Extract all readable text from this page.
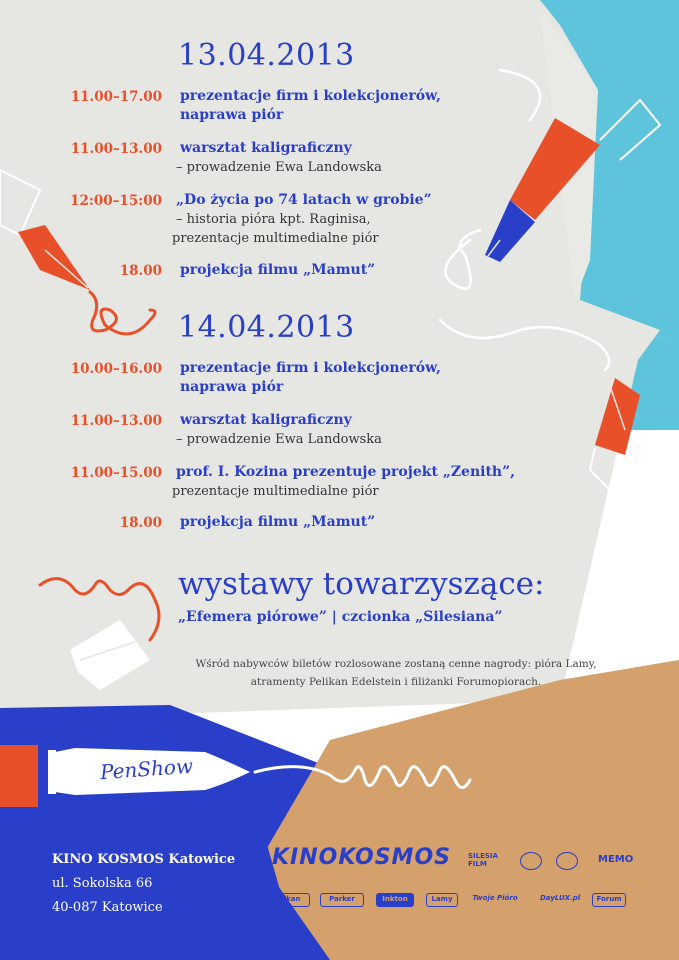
13.04.2013
11.00–17.00 prezentacje firm i kolekcjonerów,
naprawa piór
11.00–13.00 warsztat kaligraficzny
– prowadzenie Ewa Landowska
12:00–15:00 „Do życia po 74 latach w grobie”
– historia pióra kpt. Raginisa,
prezentacje multimedialne piór
18.00 projekcja filmu „Mamut”
14.04.2013
10.00–16.00 prezentacje firm i kolekcjonerów,
naprawa piór
11.00–13.00 warsztat kaligraficzny
– prowadzenie Ewa Landowska
11.00–15.00 prof. I. Kozina prezentuje projekt „Zenith”,
prezentacje multimedialne piór
18.00 projekcja filmu „Mamut”
wystawy towarzyszące:
„Efemera piórowe” | czcionka „Silesiana”
Wśród nabywców biletów rozlosowane zostaną cenne nagrody: pióra Lamy,
atramenty Pelikan Edelstein i filiżanki Forumopiorach.
PenShow
KINO KOSMOS Katowice
ul. Sokolska 66
40-087 Katowice
KINOKOSMOS SILESIA FILM	MEMO
Pelikan	Parker	Inkton	Lamy	Twoje Pióro	DayLUX.pl	Forum
